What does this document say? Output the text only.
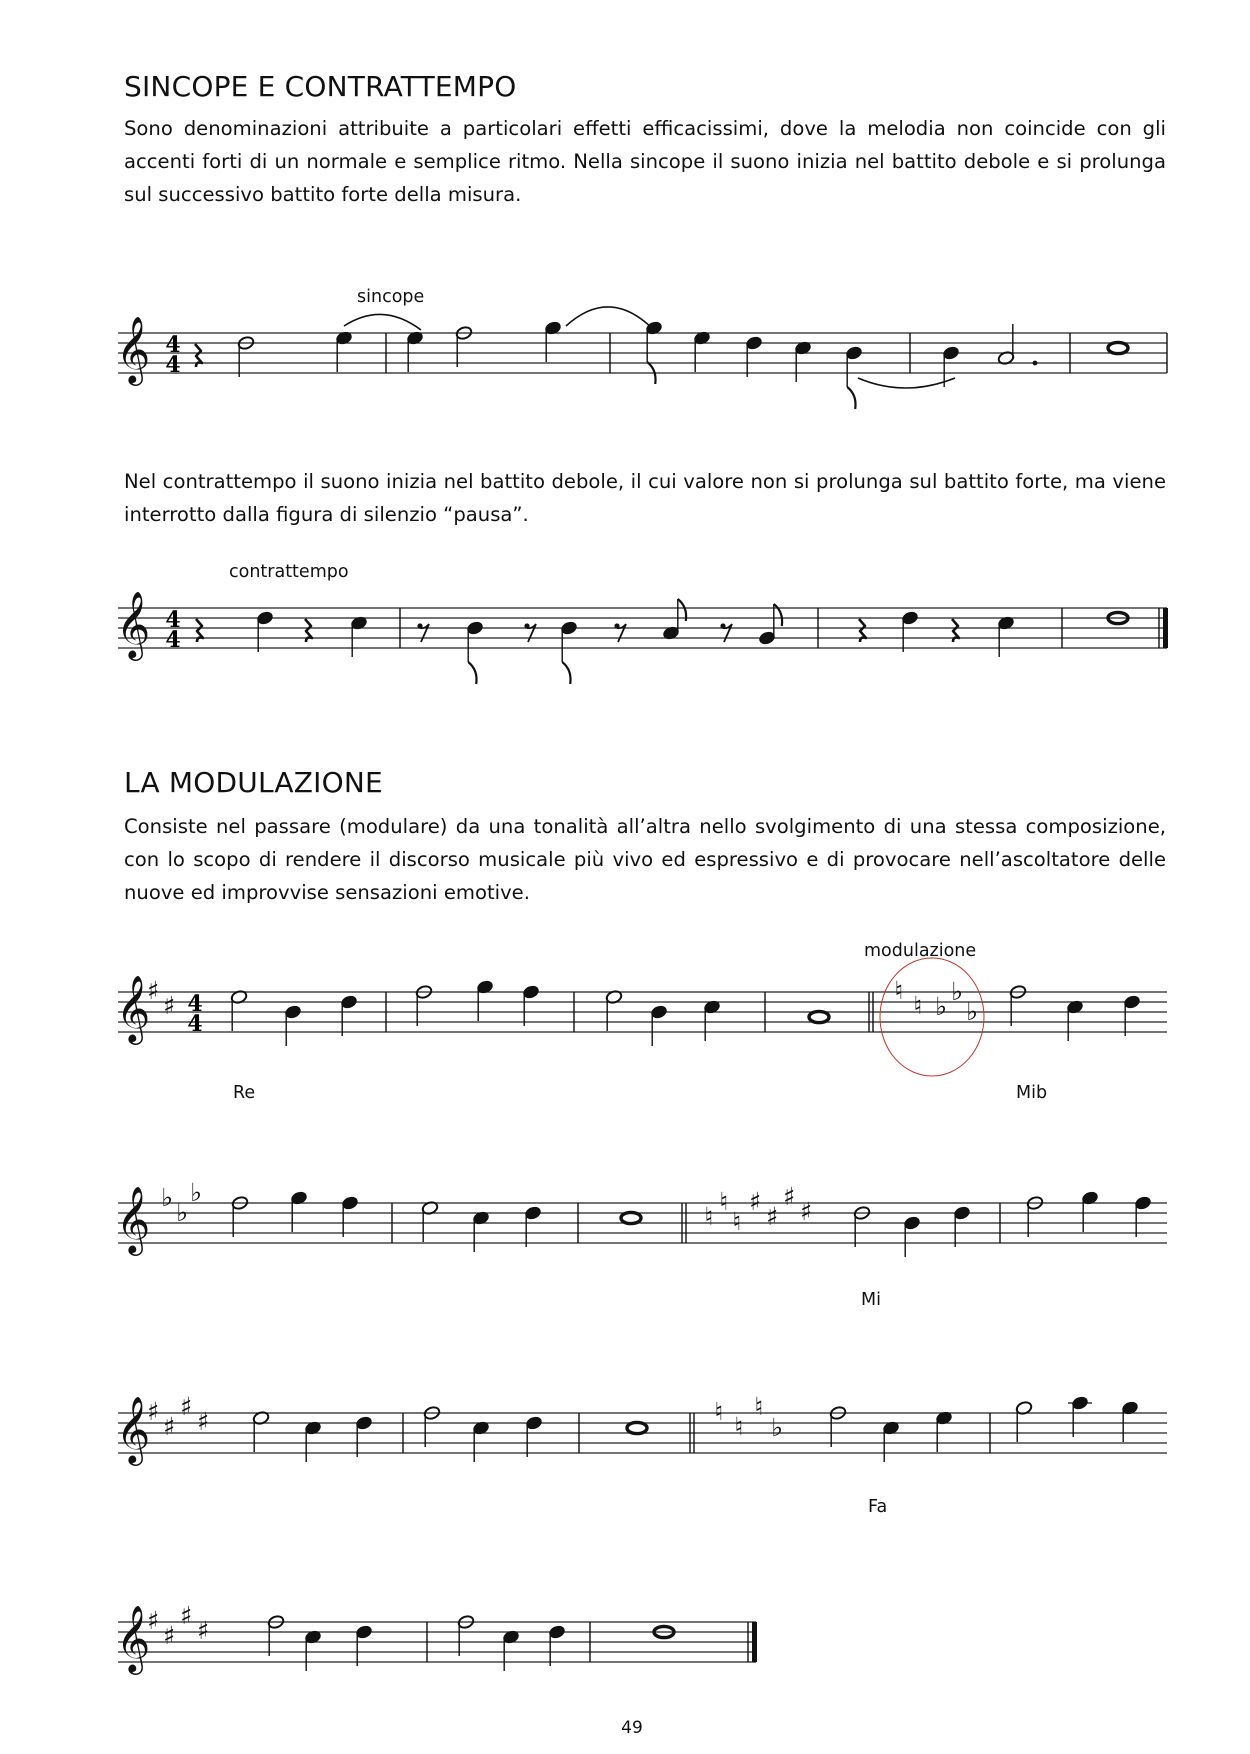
SINCOPE E CONTRATTEMPO

Sono denominazioni attribuite a particolari effetti efficacissimi, dove la melodia non coincide con gli accenti forti di un normale e semplice ritmo. Nella sincope il suono inizia nel battito debole e si prolunga sul successivo battito forte della misura.

sincope
𝄞 4
4

Nel contrattempo il suono inizia nel battito debole, il cui valore non si prolunga sul battito forte, ma viene interrotto dalla figura di silenzio “pausa”.

contrattempo
𝄞 4
4
LA MODULAZIONE

Consiste nel passare (modulare) da una tonalità all’altra nello svolgimento di una stessa composizione, con lo scopo di rendere il discorso musicale più vivo ed espressivo e di provocare nell’ascoltatore delle nuove ed improvvise sensazioni emotive.

modulazione
𝄞
♯
♯ 4
4
♮
♮ ♭
♭
♭
Re	Mib
𝄞 ♭
♭
♭
♮
♮
♮
♯
♯
♯
♯
Mi
𝄞
♯
♯
♯
♯	♮
♮
♮
♭
Fa
𝄞
♯
♯
♯
♯
49
